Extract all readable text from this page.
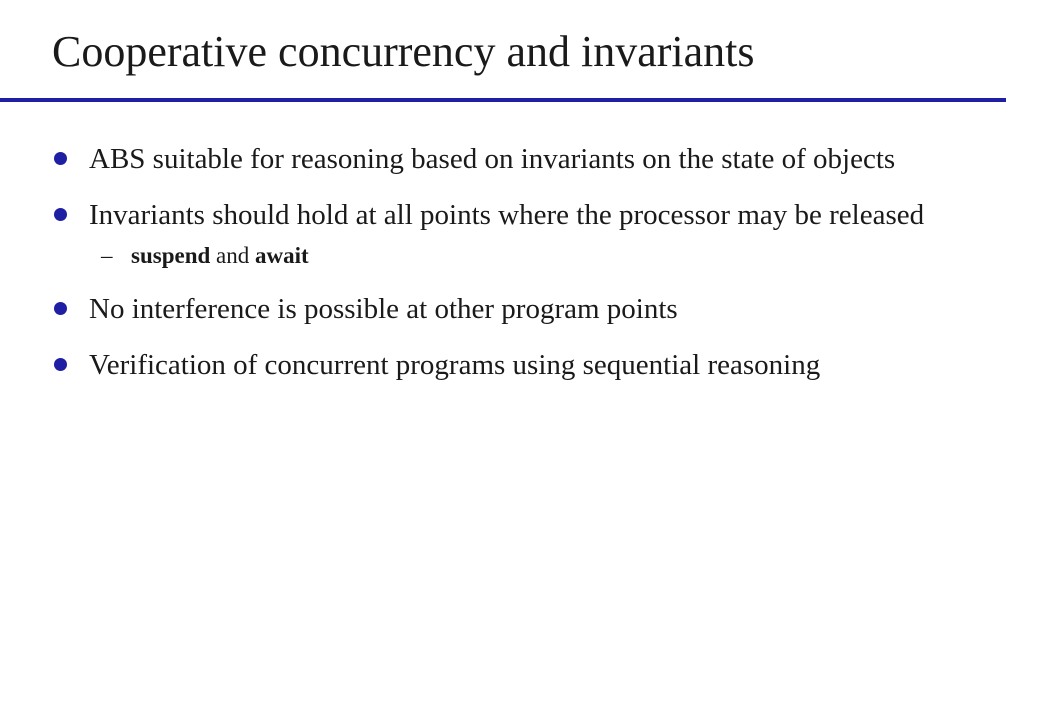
Cooperative concurrency and invariants
ABS suitable for reasoning based on invariants on the state of objects
Invariants should hold at all points where the processor may be released
– suspend and await
No interference is possible at other program points
Verification of concurrent programs using sequential reasoning
